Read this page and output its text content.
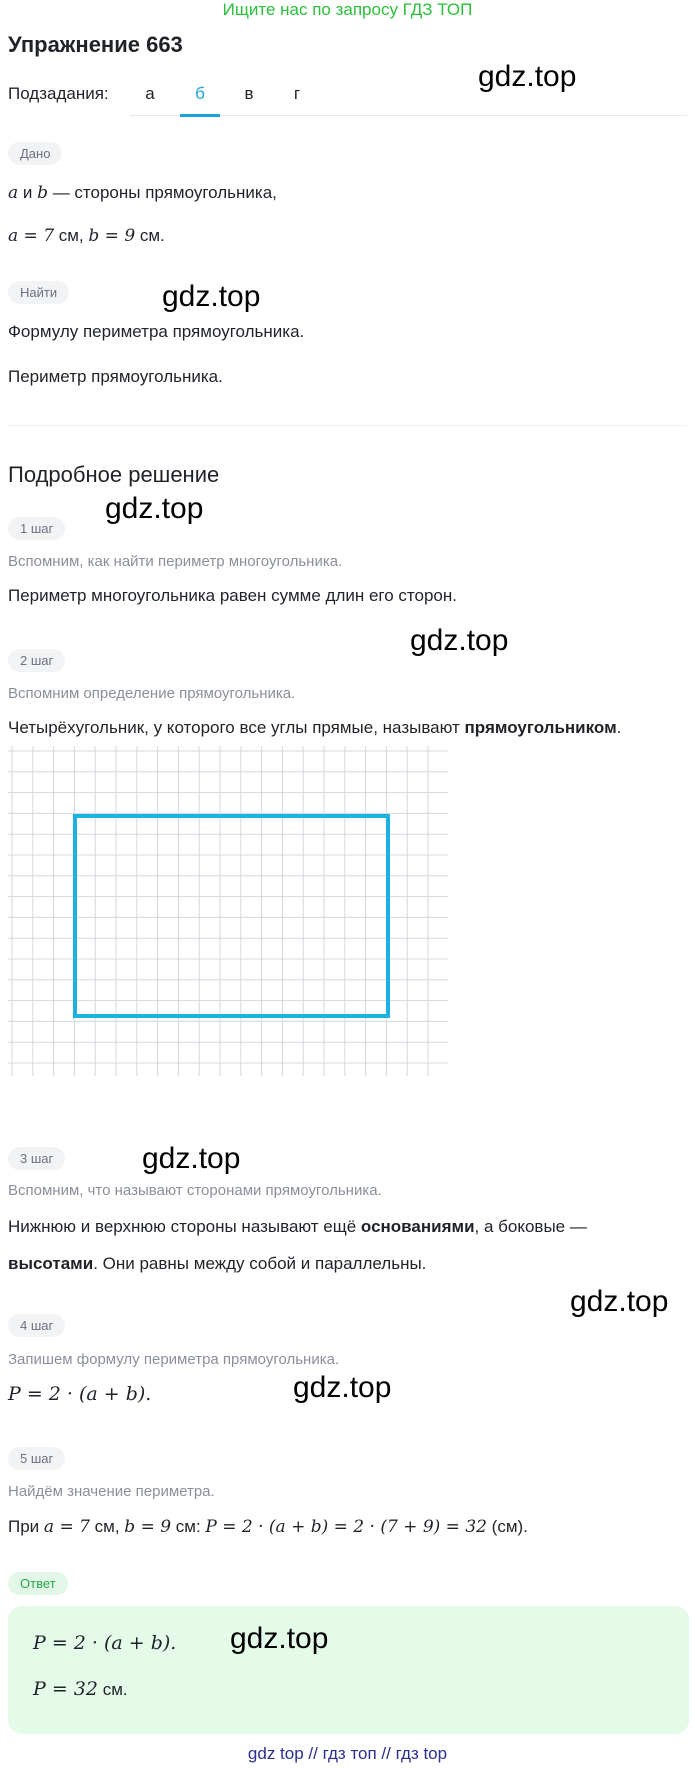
Ищите нас по запросу ГДЗ ТОП
Упражнение 663
Подзадания:	а	б	в	г
gdz.top
Дано
a и b — стороны прямоугольника,
a = 7 см, b = 9 см.
Найти	gdz.top
Формулу периметра прямоугольника.
Периметр прямоугольника.
Подробное решение
1 шаг
gdz.top
Вспомним, как найти периметр многоугольника.
Периметр многоугольника равен сумме длин его сторон.
2 шаг
gdz.top
Вспомним определение прямоугольника.
Четырёхугольник, у которого все углы прямые, называют прямоугольником.
3 шаг	gdz.top
Вспомним, что называют сторонами прямоугольника.
Нижнюю и верхнюю стороны называют ещё основаниями, а боковые —
высотами. Они равны между собой и параллельны.
gdz.top
4 шаг
Запишем формулу периметра прямоугольника.
P = 2 · (a + b).	gdz.top
5 шаг
Найдём значение периметра.
При a = 7 см, b = 9 см: P = 2 · (a + b) = 2 · (7 + 9) = 32 (см).
Ответ
P = 2 · (a + b). gdz.top
P = 32 см.
gdz top // гдз топ // гдз top
